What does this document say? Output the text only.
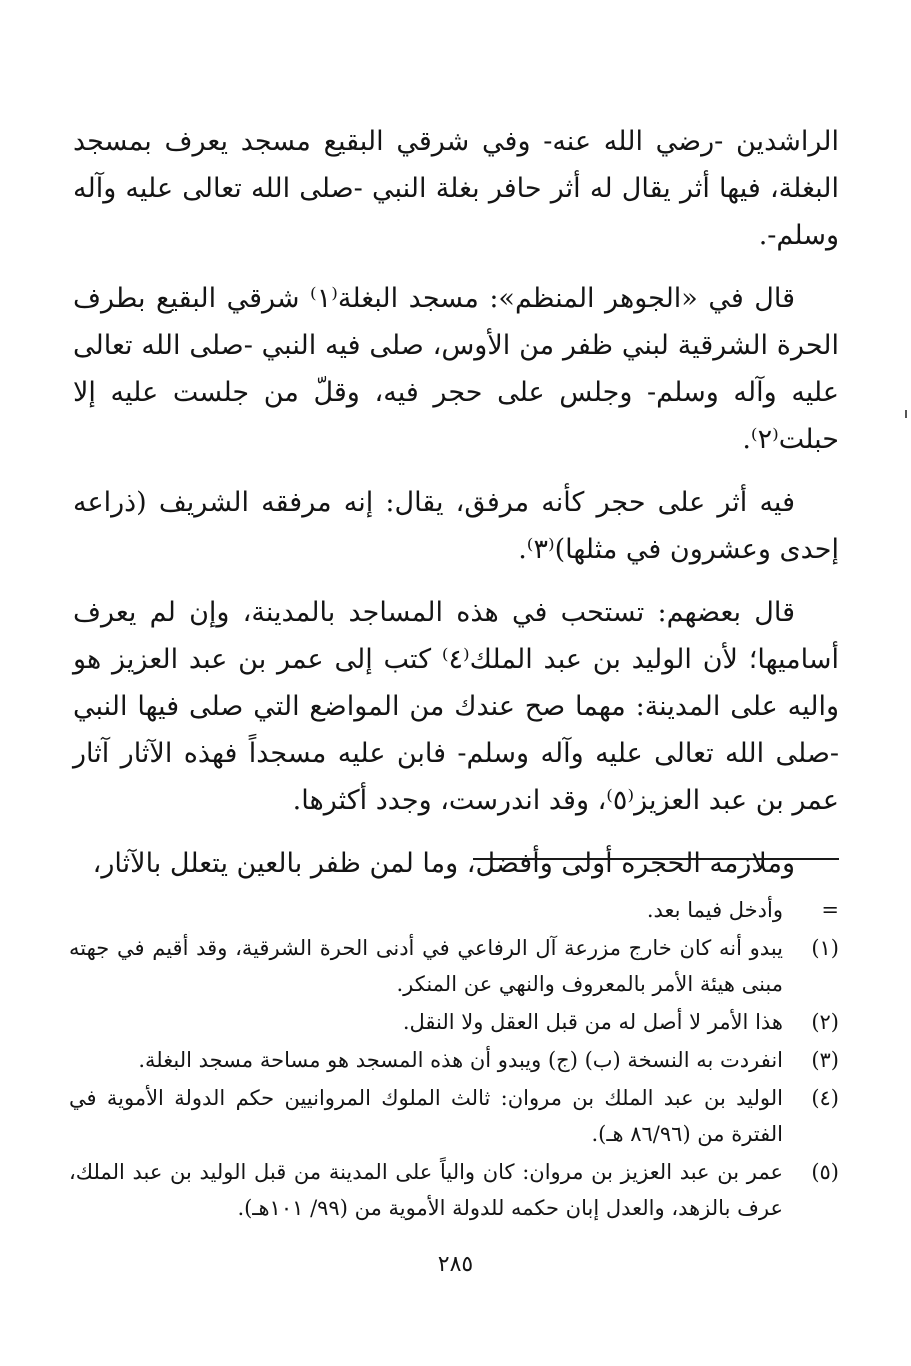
الراشدين -رضي الله عنه- وفي شرقي البقيع مسجد يعرف بمسجد البغلة، فيها أثر يقال له أثر حافر بغلة النبي -صلى الله تعالى عليه وآله وسلم-.

قال في «الجوهر المنظم»: مسجد البغلة⁽١⁾ شرقي البقيع بطرف الحرة الشرقية لبني ظفر من الأوس، صلى فيه النبي -صلى الله تعالى عليه وآله وسلم- وجلس على حجر فيه، وقلّ من جلست عليه إلا حبلت⁽٢⁾.

فيه أثر على حجر كأنه مرفق، يقال: إنه مرفقه الشريف (ذراعه إحدى وعشرون في مثلها)⁽٣⁾.

قال بعضهم: تستحب في هذه المساجد بالمدينة، وإن لم يعرف أساميها؛ لأن الوليد بن عبد الملك⁽٤⁾ كتب إلى عمر بن عبد العزيز هو واليه على المدينة: مهما صح عندك من المواضع التي صلى فيها النبي -صلى الله تعالى عليه وآله وسلم- فابن عليه مسجداً فهذه الآثار آثار عمر بن عبد العزيز⁽٥⁾، وقد اندرست، وجدد أكثرها.

وملازمة الحجرة أولى وأفضل، وما لمن ظفر بالعين يتعلل بالآثار،

=
وأدخل فيما بعد.
(١)
يبدو أنه كان خارج مزرعة آل الرفاعي في أدنى الحرة الشرقية، وقد أقيم في جهته مبنى هيئة الأمر بالمعروف والنهي عن المنكر.
(٢)
هذا الأمر لا أصل له من قبل العقل ولا النقل.
(٣)
انفردت به النسخة (ب) (ج) ويبدو أن هذه المسجد هو مساحة مسجد البغلة.
(٤)
الوليد بن عبد الملك بن مروان: ثالث الملوك المروانيين حكم الدولة الأموية في الفترة من (٨٦/٩٦ هـ).
(٥)
عمر بن عبد العزيز بن مروان: كان والياً على المدينة من قبل الوليد بن عبد الملك، عرف بالزهد، والعدل إبان حكمه للدولة الأموية من (٩٩/ ١٠١هـ).
٢٨٥
